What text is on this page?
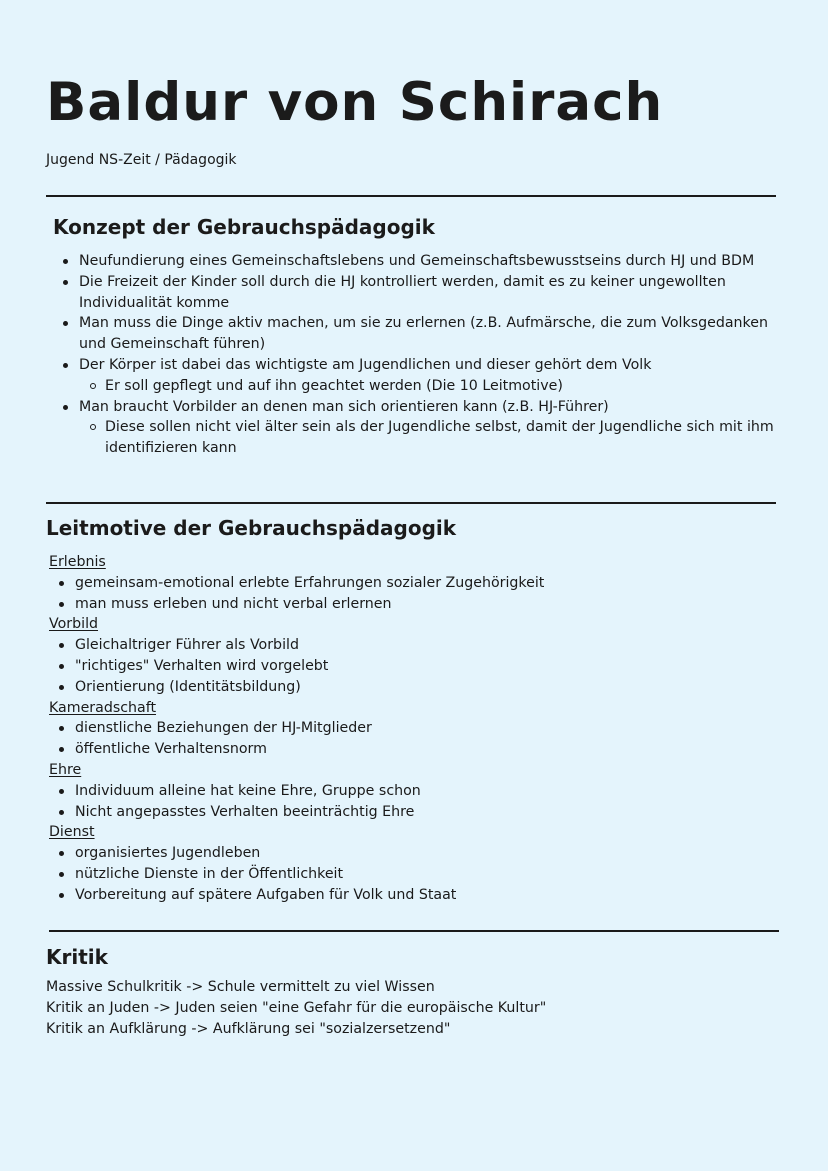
Baldur von Schirach
Jugend NS-Zeit / Pädagogik
Konzept der Gebrauchspädagogik
Neufundierung eines Gemeinschaftslebens und Gemeinschaftsbewusstseins durch HJ und BDM
Die Freizeit der Kinder soll durch die HJ kontrolliert werden, damit es zu keiner ungewollten Individualität komme
Man muss die Dinge aktiv machen, um sie zu erlernen (z.B. Aufmärsche, die zum Volksgedanken und Gemeinschaft führen)
Der Körper ist dabei das wichtigste am Jugendlichen und dieser gehört dem Volk
Er soll gepflegt und auf ihn geachtet werden (Die 10 Leitmotive)
Man braucht Vorbilder an denen man sich orientieren kann (z.B. HJ-Führer)
Diese sollen nicht viel älter sein als der Jugendliche selbst, damit der Jugendliche sich mit ihm identifizieren kann
Leitmotive der Gebrauchspädagogik
Erlebnis
gemeinsam-emotional erlebte Erfahrungen sozialer Zugehörigkeit
man muss erleben und nicht verbal erlernen
Vorbild
Gleichaltriger Führer als Vorbild
"richtiges" Verhalten wird vorgelebt
Orientierung (Identitätsbildung)
Kameradschaft
dienstliche Beziehungen der HJ-Mitglieder
öffentliche Verhaltensnorm
Ehre
Individuum alleine hat keine Ehre, Gruppe schon
Nicht angepasstes Verhalten beeinträchtig Ehre
Dienst
organisiertes Jugendleben
nützliche Dienste in der Öffentlichkeit
Vorbereitung auf spätere Aufgaben für Volk und Staat
Kritik
Massive Schulkritik -> Schule vermittelt zu viel Wissen
Kritik an Juden -> Juden seien "eine Gefahr für die europäische Kultur"
Kritik an Aufklärung -> Aufklärung sei "sozialzersetzend"
